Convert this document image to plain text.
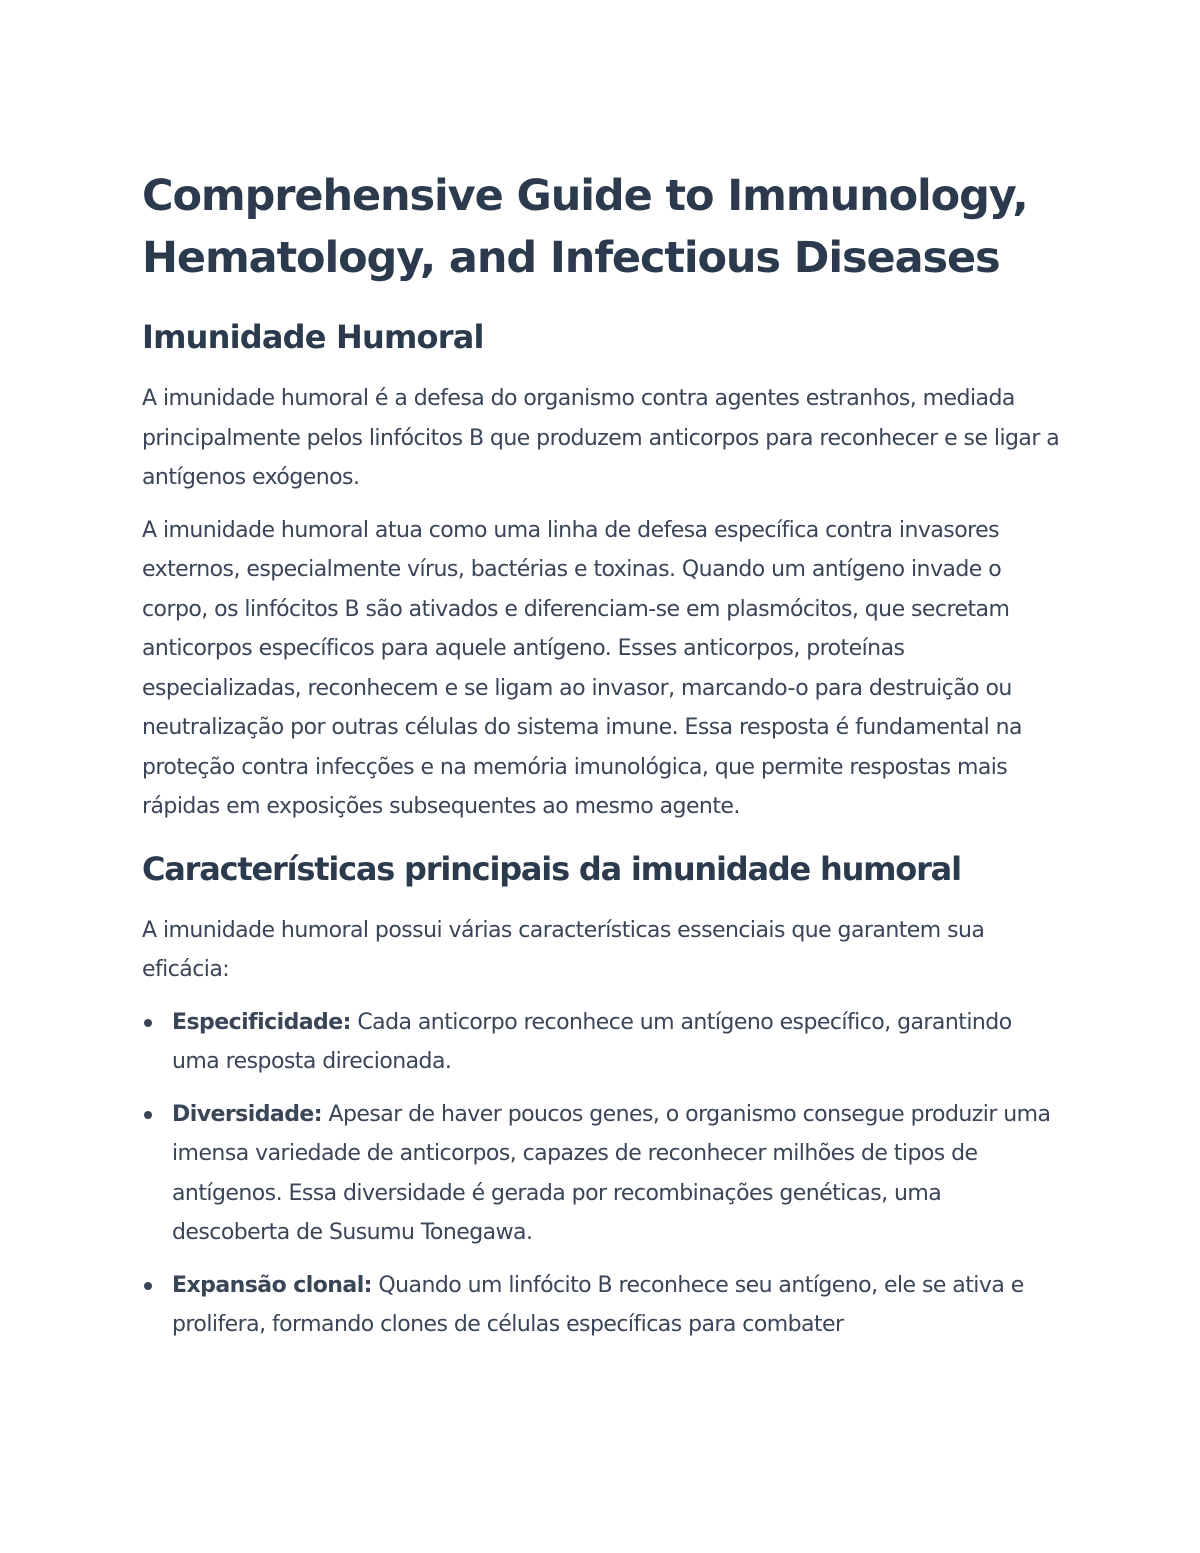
Comprehensive Guide to Immunology, Hematology, and Infectious Diseases
Imunidade Humoral

A imunidade humoral é a defesa do organismo contra agentes estranhos, mediada principalmente pelos linfócitos B que produzem anticorpos para reconhecer e se ligar a antígenos exógenos.

A imunidade humoral atua como uma linha de defesa específica contra invasores externos, especialmente vírus, bactérias e toxinas. Quando um antígeno invade o corpo, os linfócitos B são ativados e diferenciam-se em plasmócitos, que secretam anticorpos específicos para aquele antígeno. Esses anticorpos, proteínas especializadas, reconhecem e se ligam ao invasor, marcando-o para destruição ou neutralização por outras células do sistema imune. Essa resposta é fundamental na proteção contra infecções e na memória imunológica, que permite respostas mais rápidas em exposições subsequentes ao mesmo agente.

Características principais da imunidade humoral

A imunidade humoral possui várias características essenciais que garantem sua eficácia:

Especificidade: Cada anticorpo reconhece um antígeno específico, garantindo uma resposta direcionada.
Diversidade: Apesar de haver poucos genes, o organismo consegue produzir uma imensa variedade de anticorpos, capazes de reconhecer milhões de tipos de antígenos. Essa diversidade é gerada por recombinações genéticas, uma descoberta de Susumu Tonegawa.
Expansão clonal: Quando um linfócito B reconhece seu antígeno, ele se ativa e prolifera, formando clones de células específicas para combater
